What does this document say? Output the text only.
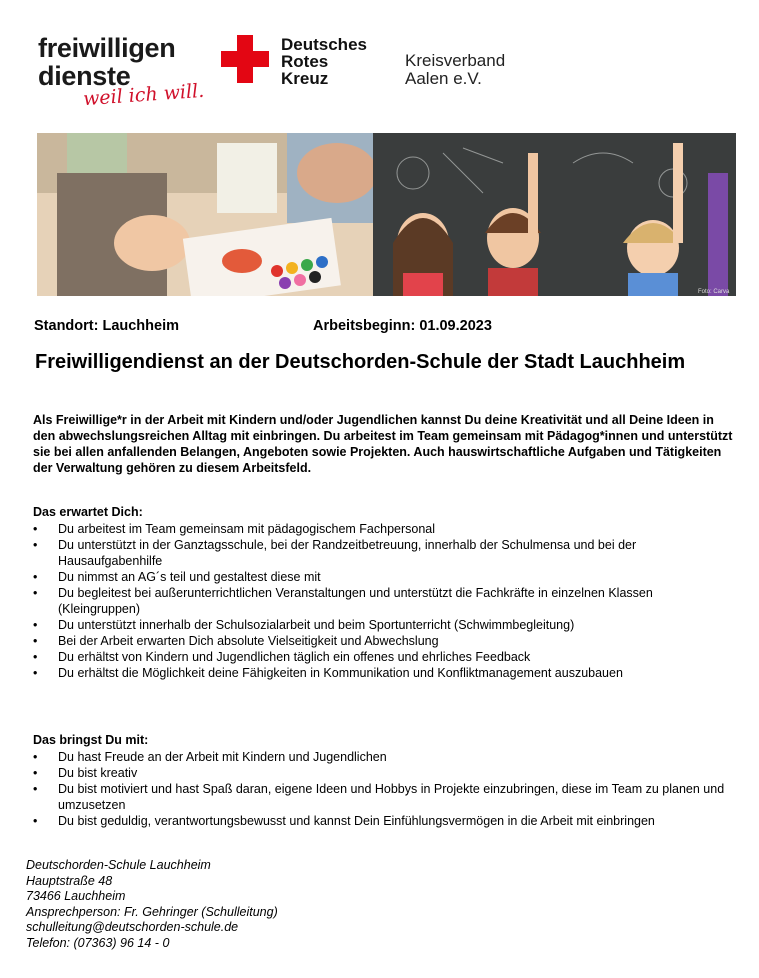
freiwilligen
dienste
weil ich will.
Deutsches
Rotes
Kreuz
Kreisverband
Aalen e.V.
Foto: Carva
Standort: Lauchheim	Arbeitsbeginn: 01.09.2023
Freiwilligendienst an der Deutschorden-Schule der Stadt Lauchheim
Als Freiwillige*r in der Arbeit mit Kindern und/oder Jugendlichen kannst Du deine Kreativität und all Deine Ideen in den abwechslungsreichen Alltag mit einbringen. Du arbeitest im Team gemeinsam mit Pädagog*innen und unterstützt sie bei allen anfallenden Belangen, Angeboten sowie Projekten. Auch hauswirtschaftliche Aufgaben und Tätigkeiten der Verwaltung gehören zu diesem Arbeitsfeld.
Das erwartet Dich:
• Du arbeitest im Team gemeinsam mit pädagogischem Fachpersonal
• Du unterstützt in der Ganztagsschule, bei der Randzeitbetreuung, innerhalb der Schulmensa und bei der Hausaufgabenhilfe
• Du nimmst an AG´s teil und gestaltest diese mit
• Du begleitest bei außerunterrichtlichen Veranstaltungen und unterstützt die Fachkräfte in einzelnen Klassen (Kleingruppen)
• Du unterstützt innerhalb der Schulsozialarbeit und beim Sportunterricht (Schwimmbegleitung)
• Bei der Arbeit erwarten Dich absolute Vielseitigkeit und Abwechslung
• Du erhältst von Kindern und Jugendlichen täglich ein offenes und ehrliches Feedback
• Du erhältst die Möglichkeit deine Fähigkeiten in Kommunikation und Konfliktmanagement auszubauen
Das bringst Du mit:
• Du hast Freude an der Arbeit mit Kindern und Jugendlichen
• Du bist kreativ
• Du bist motiviert und hast Spaß daran, eigene Ideen und Hobbys in Projekte einzubringen, diese im Team zu planen und umzusetzen
• Du bist geduldig, verantwortungsbewusst und kannst Dein Einfühlungsvermögen in die Arbeit mit einbringen
Deutschorden-Schule Lauchheim
Hauptstraße 48
73466 Lauchheim
Ansprechperson: Fr. Gehringer (Schulleitung)
schulleitung@deutschorden-schule.de
Telefon: (07363) 96 14 - 0
